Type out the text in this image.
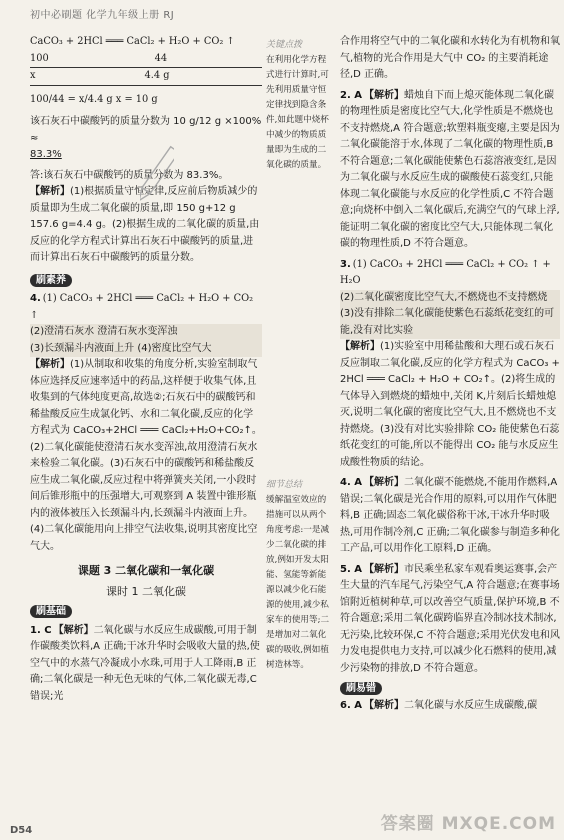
初中必刷题 化学九年级上册 RJ

CaCO₃ + 2HCl ═══ CaCl₂ + H₂O + CO₂ ↑

100                                  44

x                                   4.4 g

100/44 = x/4.4 g x = 10 g

该石灰石中碳酸钙的质量分数为 10 g/12 g ×100% ≈

83.3%

答:该石灰石中碳酸钙的质量分数为 83.3%。

【解析】(1)根据质量守恒定律,反应前后物质减少的质量即为生成二氧化碳的质量,即 150 g+12 g 157.6 g=4.4 g。(2)根据生成的二氧化碳的质量,由反应的化学方程式计算出石灰石中碳酸钙的质量,进而计算出石灰石中碳酸钙的质量分数。

刷素养

4. (1) CaCO₃ + 2HCl ═══ CaCl₂ + H₂O + CO₂ ↑

(2)澄清石灰水 澄清石灰水变浑浊

(3)长颈漏斗内液面上升 (4)密度比空气大

【解析】(1)从制取和收集的角度分析,实验室制取气体应选择反应速率适中的药品,这样便于收集气体,且收集到的气体纯度更高,故选②;石灰石中的碳酸钙和稀盐酸反应生成氯化钙、水和二氧化碳,反应的化学方程式为 CaCO₃+2HCl ═══ CaCl₂+H₂O+CO₂↑。(2)二氧化碳能使澄清石灰水变浑浊,故用澄清石灰水来检验二氧化碳。(3)石灰石中的碳酸钙和稀盐酸反应生成二氧化碳,反应过程中将弹簧夹关闭,一小段时间后锥形瓶中的压强增大,可观察到 A 装置中锥形瓶内的液体被压入长颈漏斗内,长颈漏斗内液面上升。(4)二氧化碳能用向上排空气法收集,说明其密度比空气大。

课题 3 二氧化碳和一氧化碳

课时 1 二氧化碳

刷基础

1. C 【解析】二氧化碳与水反应生成碳酸,可用于制作碳酸类饮料,A 正确;干冰升华时会吸收大量的热,使空气中的水蒸气冷凝成小水珠,可用于人工降雨,B 正确;二氧化碳是一种无色无味的气体,二氧化碳无毒,C 错误;光

关键点拨

在利用化学方程式进行计算时,可先利用质量守恒定律找到隐含条件,如此题中烧杯中减少的物质质量即为生成的二氧化碳的质量。

细节总结

缓解温室效应的措施可以从两个角度考虑:一是减少二氧化碳的排放,例如开发太阳能、氢能等新能源以减少化石能源的使用,减少私家车的使用等;二是增加对二氧化碳的吸收,例如植树造林等。

合作用将空气中的二氧化碳和水转化为有机物和氧气,植物的光合作用是大气中 CO₂ 的主要消耗途径,D 正确。

2. A 【解析】蜡烛自下而上熄灭能体现二氧化碳的物理性质是密度比空气大,化学性质是不燃烧也不支持燃烧,A 符合题意;软塑料瓶变瘪,主要是因为二氧化碳能溶于水,体现了二氧化碳的物理性质,B 不符合题意;二氧化碳能使紫色石蕊溶液变红,是因为二氧化碳与水反应生成的碳酸使石蕊变红,只能体现二氧化碳能与水反应的化学性质,C 不符合题意;向烧杯中倒入二氧化碳后,充满空气的气球上浮,能证明二氧化碳的密度比空气大,只能体现二氧化碳的物理性质,D 不符合题意。

3. (1) CaCO₃ + 2HCl ═══ CaCl₂ + CO₂ ↑ + H₂O

(2)二氧化碳密度比空气大,不燃烧也不支持燃烧 (3)没有排除二氧化碳能使紫色石蕊纸花变红的可能,没有对比实验

【解析】(1)实验室中用稀盐酸和大理石或石灰石反应制取二氧化碳,反应的化学方程式为 CaCO₃ + 2HCl ═══ CaCl₂ + H₂O + CO₂↑。(2)将生成的气体导入到燃烧的蜡烛中,关闭 K,片刻后长蜡烛熄灭,说明二氧化碳的密度比空气大,且不燃烧也不支持燃烧。(3)没有对比实验排除 CO₂ 能使紫色石蕊纸花变红的可能,所以不能得出 CO₂ 能与水反应生成酸性物质的结论。

4. A 【解析】二氧化碳不能燃烧,不能用作燃料,A 错误;二氧化碳是光合作用的原料,可以用作气体肥料,B 正确;固态二氧化碳俗称干冰,干冰升华时吸热,可用作制冷剂,C 正确;二氧化碳参与制造多种化工产品,可以用作化工原料,D 正确。

5. A 【解析】市民乘坐私家车观看奥运赛事,会产生大量的汽车尾气,污染空气,A 符合题意;在赛事场馆附近植树种草,可以改善空气质量,保护环境,B 不符合题意;采用二氧化碳跨临界直冷制冰技术制冰,无污染,比较环保,C 不符合题意;采用光伏发电和风力发电提供电力支持,可以减少化石燃料的使用,减少污染物的排放,D 不符合题意。

刷易错

6. A 【解析】二氧化碳与水反应生成碳酸,碳

答案圈 MXQE.COM
D54
